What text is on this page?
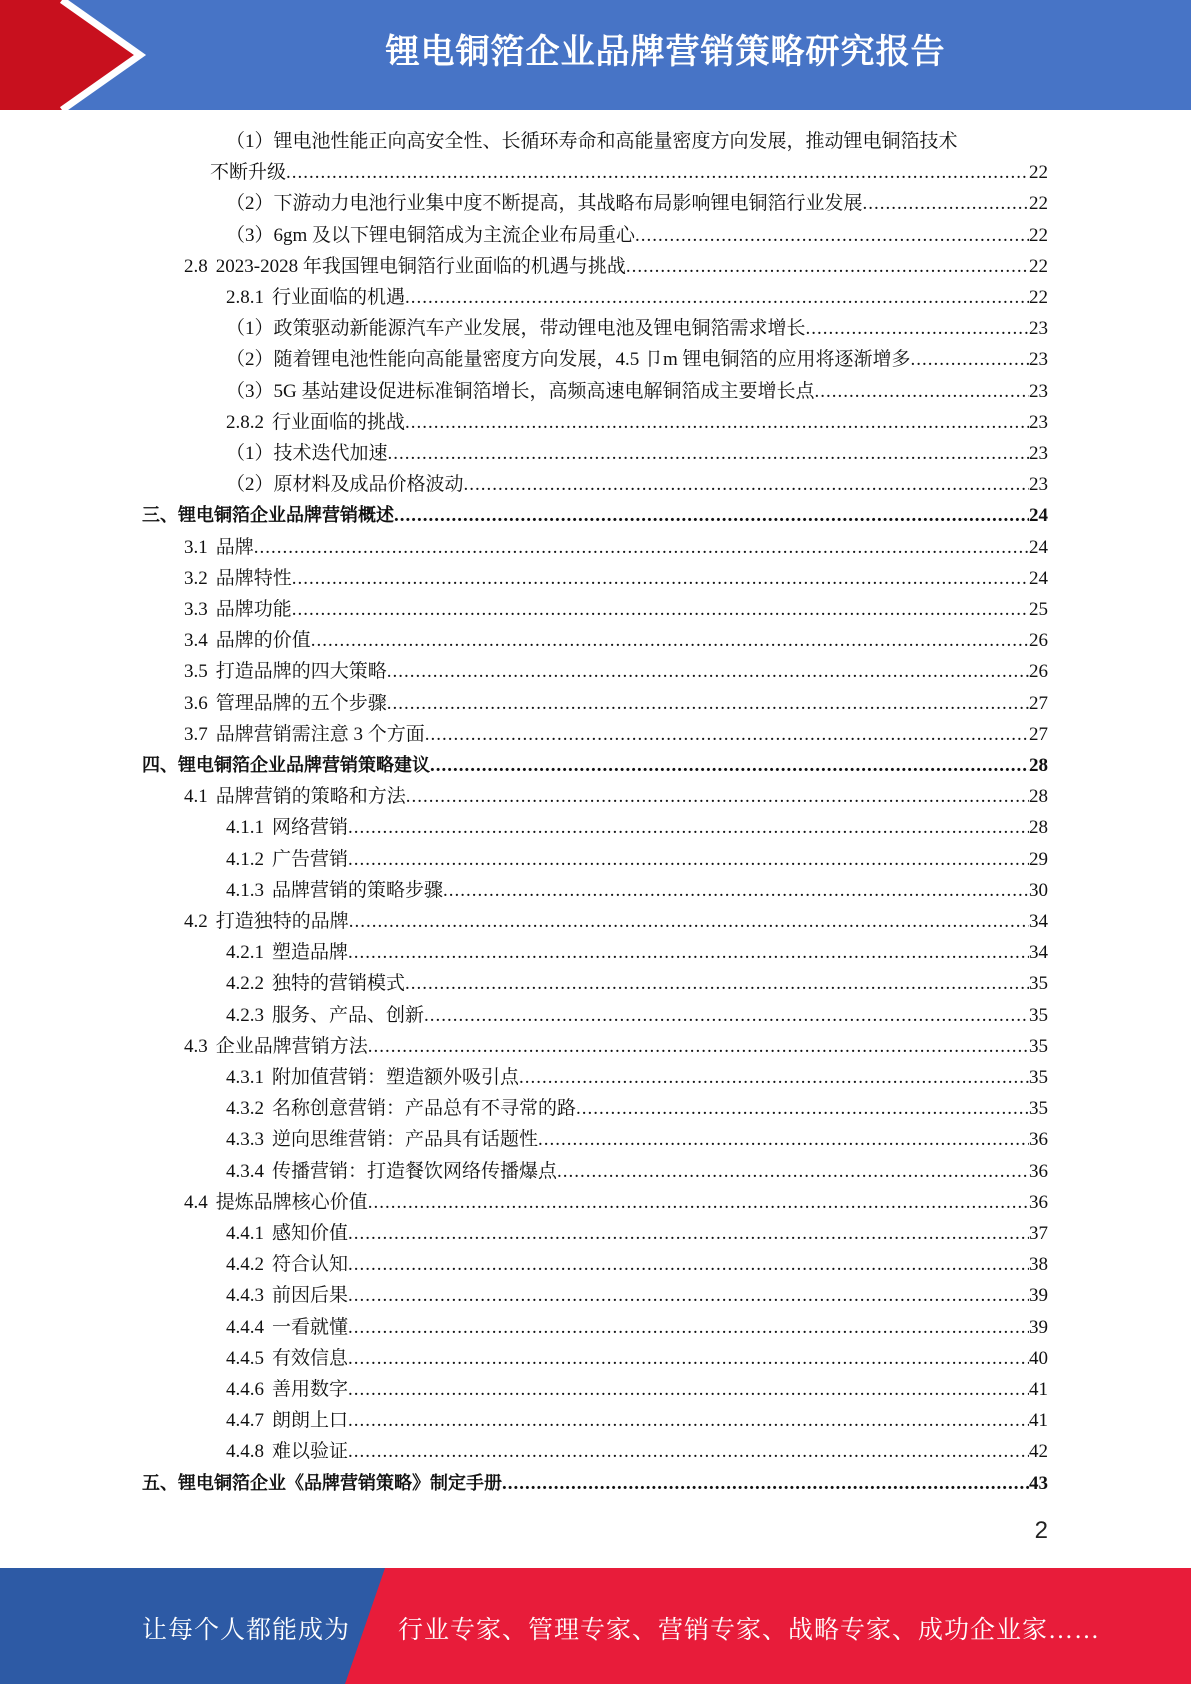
锂电铜箔企业品牌营销策略研究报告
（1）锂电池性能正向高安全性、长循环寿命和高能量密度方向发展，推动锂电铜箔技术
不断升级 .....	22
（2） 下游动力电池行业集中度不断提高，其战略布局影响锂电铜箔行业发展 .....	22
（3） 6gm 及以下锂电铜箔成为主流企业布局重心 .....	22
2.8 2023-2028 年我国锂电铜箔行业面临的机遇与挑战 .....	22
2.8.1 行业面临的机遇 .....	22
（1） 政策驱动新能源汽车产业发展，带动锂电池及锂电铜箔需求增长 .....	23
（2） 随着锂电池性能向高能量密度方向发展，4.5 卩m 锂电铜箔的应用将逐渐增多 .....	23
（3） 5G 基站建设促进标准铜箔增长，高频高速电解铜箔成主要增长点 .....	23
2.8.2 行业面临的挑战 .....	23
（1） 技术迭代加速 .....	23
（2） 原材料及成品价格波动 .....	23
三、 锂电铜箔企业品牌营销概述 .....	24
3.1 品牌 .....	24
3.2 品牌特性 .....	24
3.3 品牌功能 .....	25
3.4 品牌的价值 .....	26
3.5 打造品牌的四大策略 .....	26
3.6 管理品牌的五个步骤 .....	27
3.7 品牌营销需注意 3 个方面 .....	27
四、 锂电铜箔企业品牌营销策略建议 .....	28
4.1 品牌营销的策略和方法 .....	28
4.1.1 网络营销 .....	28
4.1.2 广告营销 .....	29
4.1.3 品牌营销的策略步骤 .....	30
4.2 打造独特的品牌 .....	34
4.2.1 塑造品牌 .....	34
4.2.2 独特的营销模式 .....	35
4.2.3 服务、产品、创新 .....	35
4.3 企业品牌营销方法 .....	35
4.3.1 附加值营销：塑造额外吸引点 .....	35
4.3.2 名称创意营销：产品总有不寻常的路 .....	35
4.3.3 逆向思维营销：产品具有话题性 .....	36
4.3.4 传播营销：打造餐饮网络传播爆点 .....	36
4.4 提炼品牌核心价值 .....	36
4.4.1 感知价值 .....	37
4.4.2 符合认知 .....	38
4.4.3 前因后果 .....	39
4.4.4 一看就懂 .....	39
4.4.5 有效信息 .....	40
4.4.6 善用数字 .....	41
4.4.7 朗朗上口 .....	41
4.4.8 难以验证 .....	42
五、 锂电铜箔企业《品牌营销策略》制定手册 .....	43
2
让每个人都能成为 行业专家、管理专家、营销专家、战略专家、成功企业家……
